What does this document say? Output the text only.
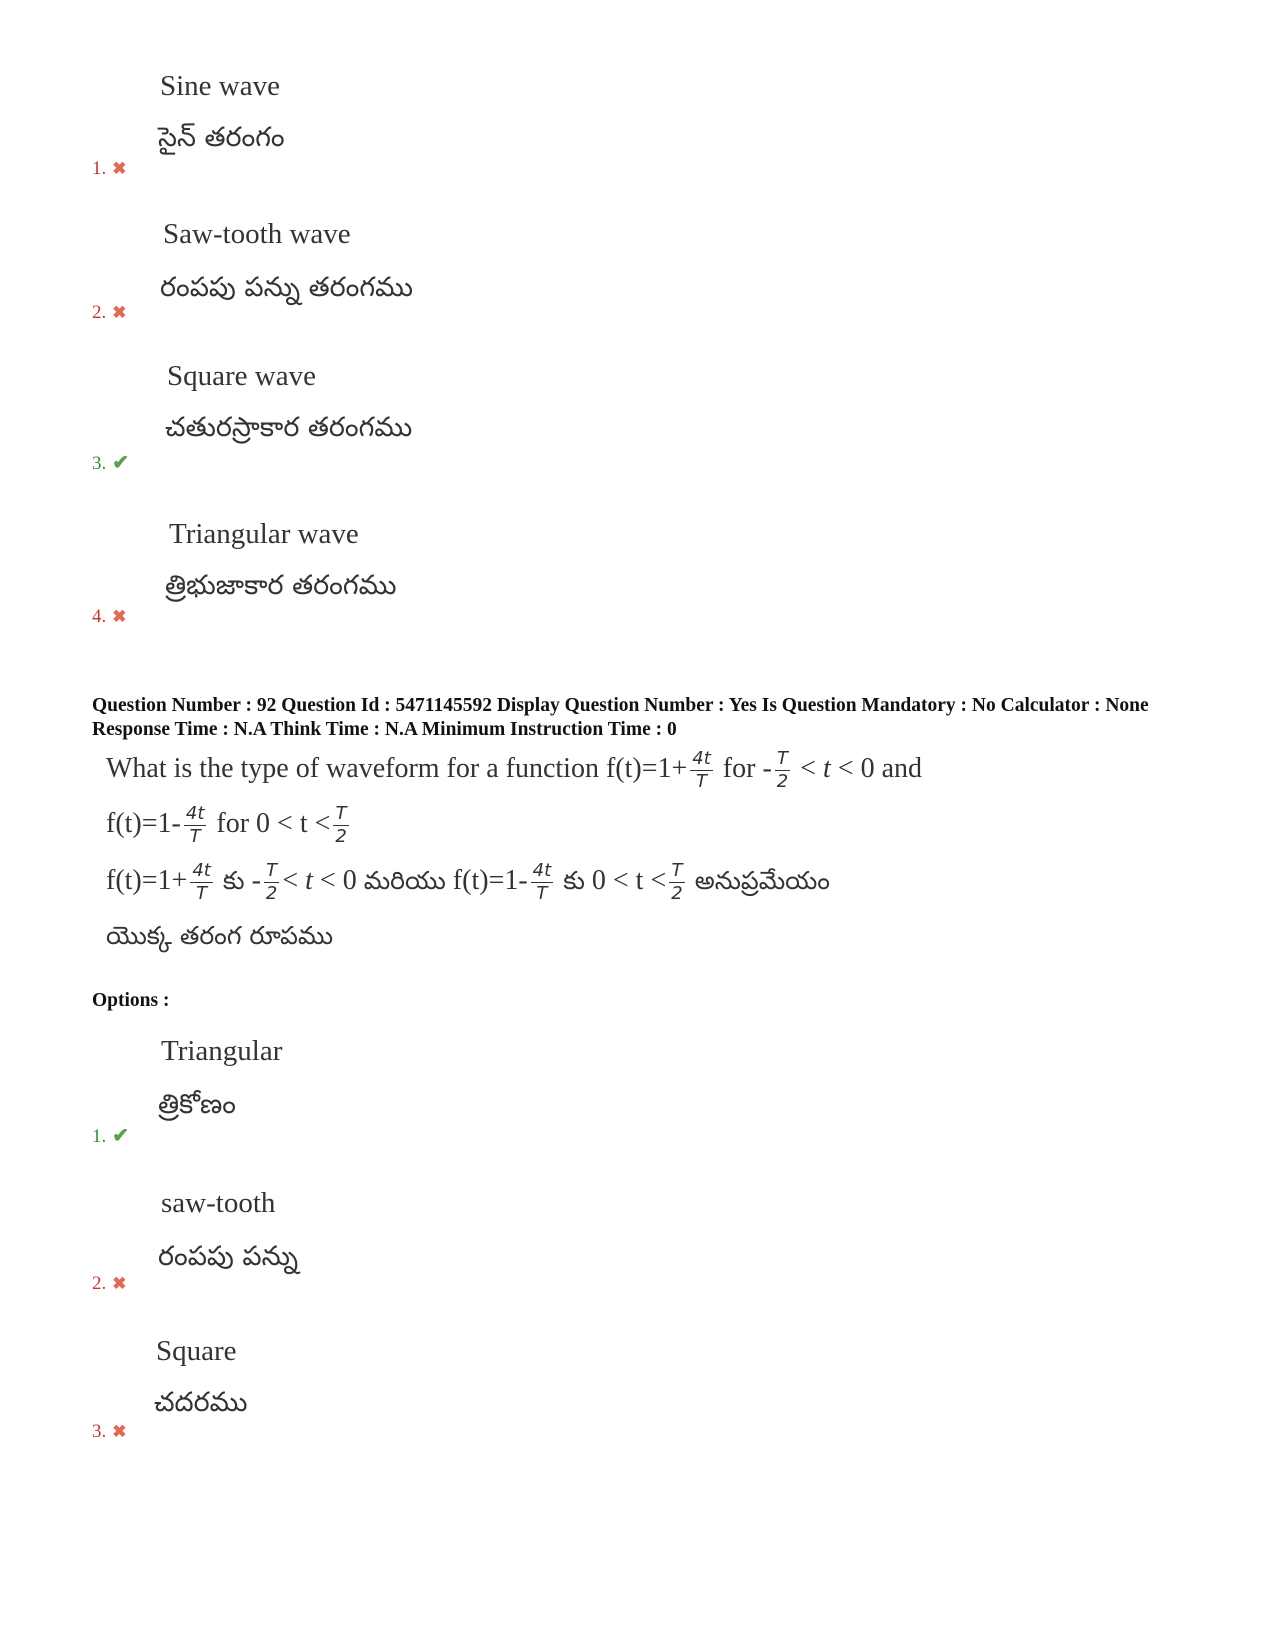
Sine wave
సైన్ తరంగం
1. ✖
Saw-tooth wave
రంపపు పన్ను తరంగము
2. ✖
Square wave
చతురస్రాకార తరంగము
3. ✔
Triangular wave
త్రిభుజాకార తరంగము
4. ✖
Question Number : 92 Question Id : 5471145592 Display Question Number : Yes Is Question Mandatory : No Calculator : None Response Time : N.A Think Time : N.A Minimum Instruction Time : 0
What is the type of waveform for a function $f(t)=1+ \frac{4t}{T}$ for - $\frac{T}{2} < t < 0$ and
$f(t)=1- \frac{4t}{T}$ for $0 < t < \frac{T}{2}$
$f(t)=1+ \frac{4t}{T}$ కు - $\frac{T}{2} < t < 0$ మరియు $f(t)=1- \frac{4t}{T}$ కు $0 < t < \frac{T}{2}$ అనుప్రమేయం
యొక్క తరంగ రూపము
Options :
Triangular
త్రికోణం
1. ✔
saw-tooth
రంపపు పన్ను
2. ✖
Square
చదరము
3. ✖
